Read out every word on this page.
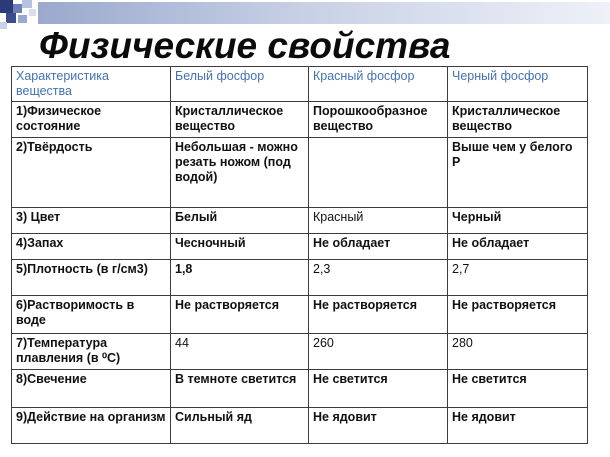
Физические свойства
Характеристика вещества	Белый фосфор	Красный фосфор	Черный фосфор
1)Физическое состояние	Кристаллическое вещество	Порошкообразное вещество	Кристаллическое вещество
2)Твёрдость	Небольшая - можно резать ножом (под водой)		Выше чем у белого Р
3) Цвет	Белый	Красный	Черный
4)Запах	Чесночный	Не обладает	Не обладает
5)Плотность (в г/см3)	1,8	2,3	2,7
6)Растворимость в воде	Не растворяется	Не растворяется	Не растворяется
7)Температура плавления (в ⁰С)	44	260	280
8)Свечение	В темноте светится	Не светится	Не светится
9)Действие на организм	Сильный яд	Не ядовит	Не ядовит
